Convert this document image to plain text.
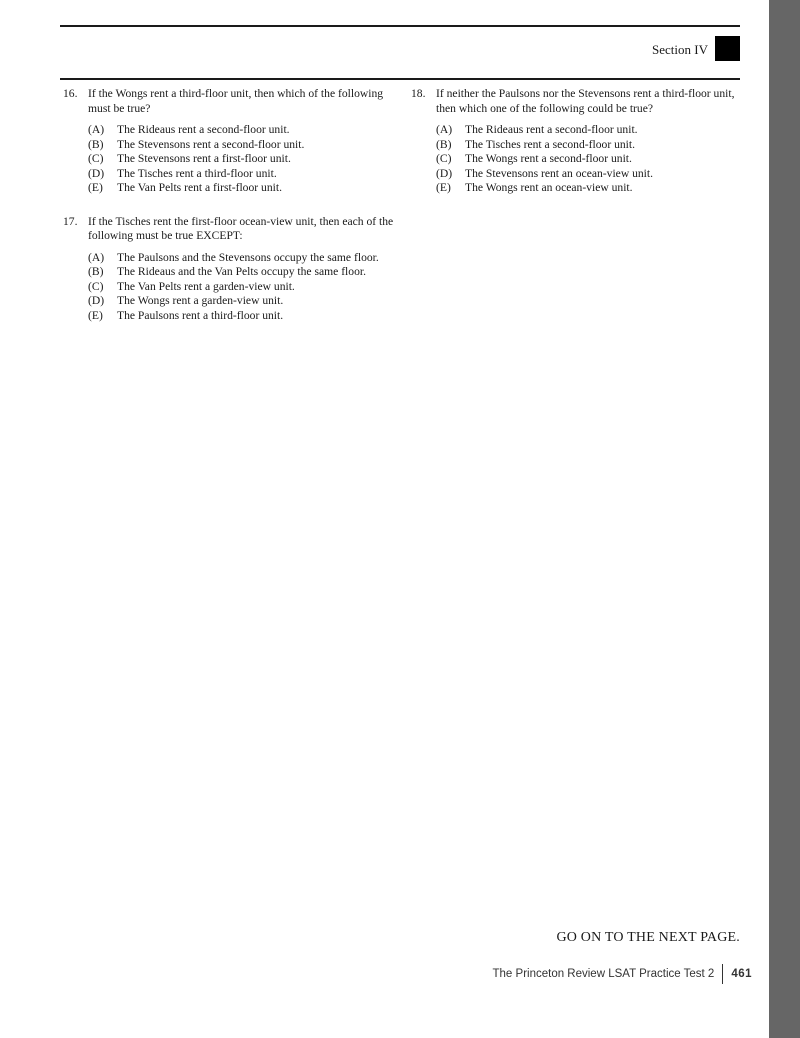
Section IV
16. If the Wongs rent a third-floor unit, then which of the following must be true?
(A)	The Rideaus rent a second-floor unit.
(B)	The Stevensons rent a second-floor unit.
(C)	The Stevensons rent a first-floor unit.
(D)	The Tisches rent a third-floor unit.
(E)	The Van Pelts rent a first-floor unit.
17. If the Tisches rent the first-floor ocean-view unit, then each of the following must be true EXCEPT:
(A)	The Paulsons and the Stevensons occupy the same floor.
(B)	The Rideaus and the Van Pelts occupy the same floor.
(C)	The Van Pelts rent a garden-view unit.
(D)	The Wongs rent a garden-view unit.
(E)	The Paulsons rent a third-floor unit.
18. If neither the Paulsons nor the Stevensons rent a third-floor unit, then which one of the following could be true?
(A)	The Rideaus rent a second-floor unit.
(B)	The Tisches rent a second-floor unit.
(C)	The Wongs rent a second-floor unit.
(D)	The Stevensons rent an ocean-view unit.
(E)	The Wongs rent an ocean-view unit.
GO ON TO THE NEXT PAGE.
The Princeton Review LSAT Practice Test 2 461
